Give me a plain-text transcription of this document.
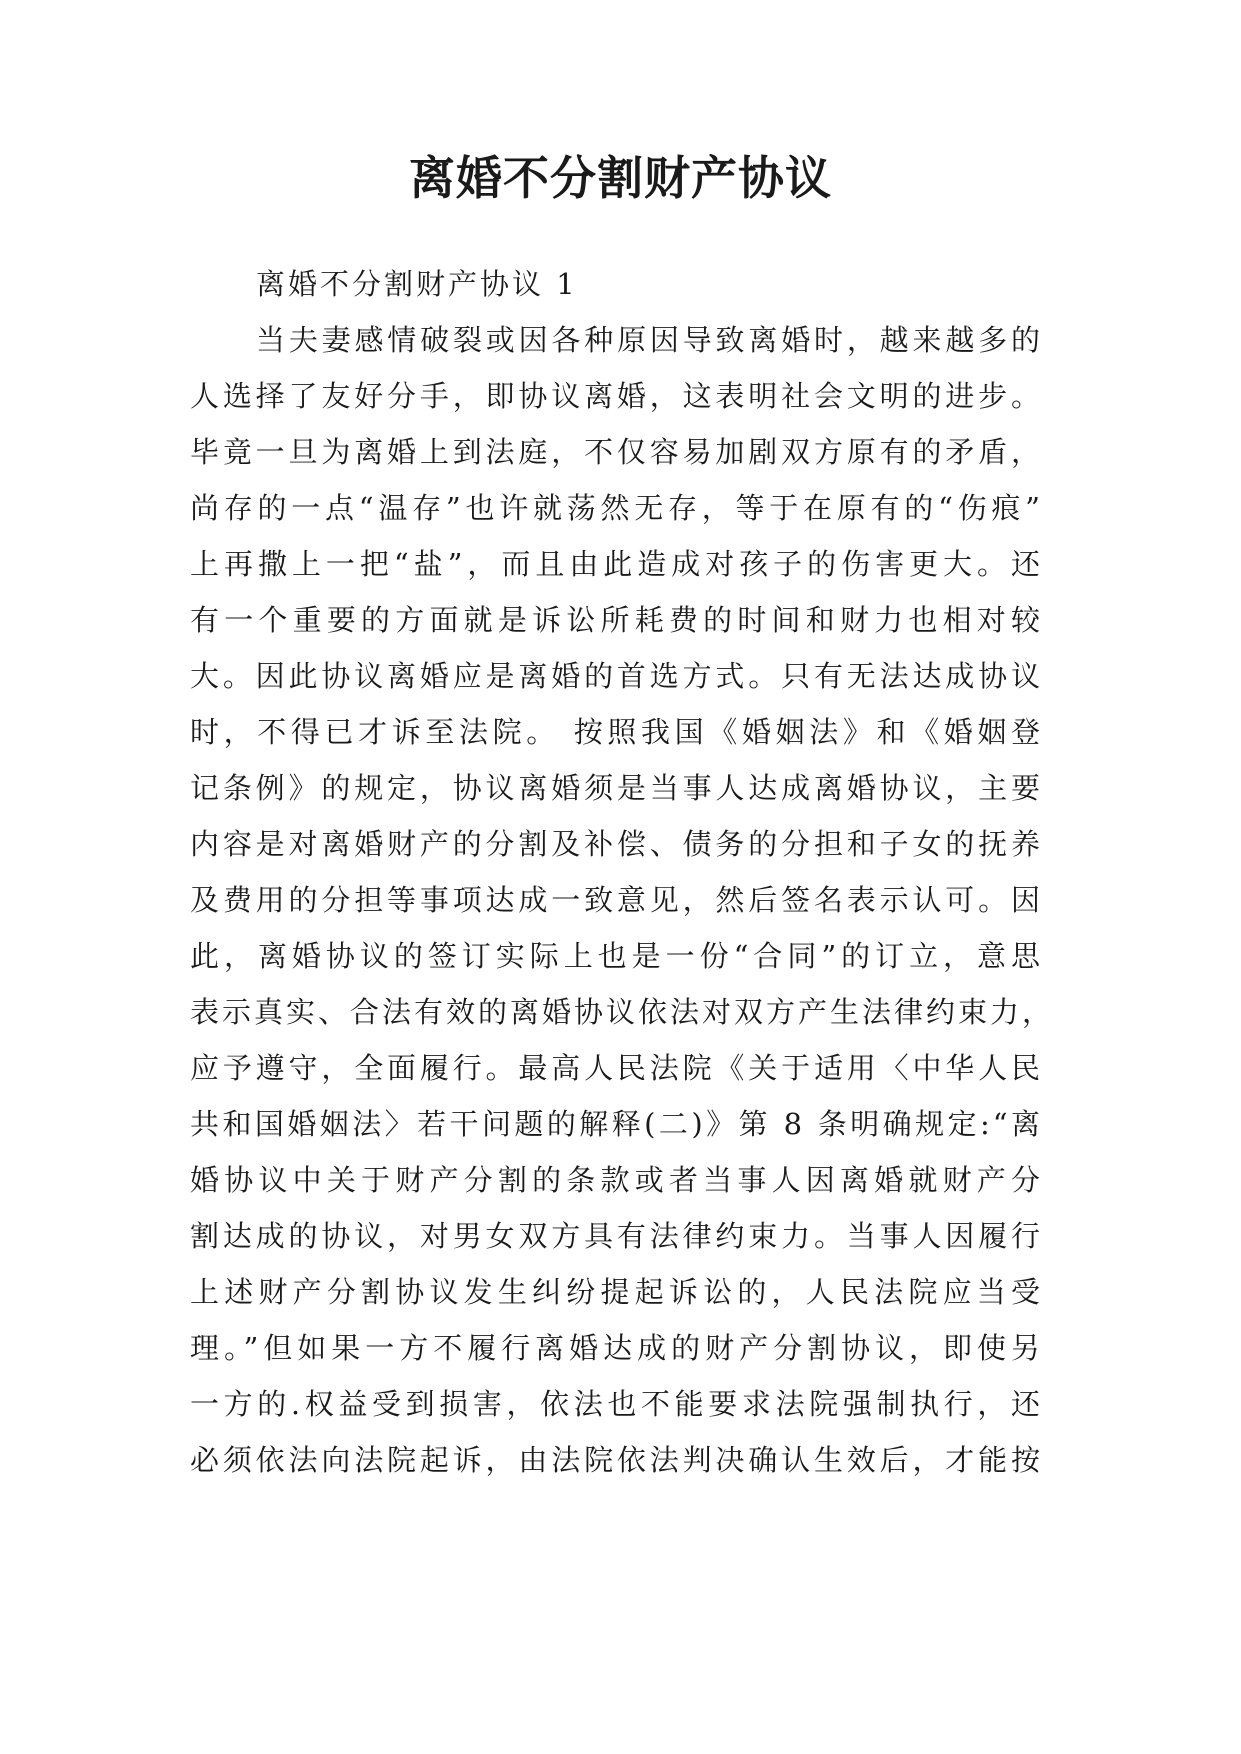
离婚不分割财产协议
离婚不分割财产协议 1
当夫妻感情破裂或因各种原因导致离婚时，越来越多的
人选择了友好分手，即协议离婚，这表明社会文明的进步。
毕竟一旦为离婚上到法庭，不仅容易加剧双方原有的矛盾，
尚存的一点“温存”也许就荡然无存，等于在原有的“伤痕”
上再撒上一把“盐”，而且由此造成对孩子的伤害更大。还
有一个重要的方面就是诉讼所耗费的时间和财力也相对较
大。因此协议离婚应是离婚的首选方式。只有无法达成协议
时，不得已才诉至法院。 按照我国《婚姻法》和《婚姻登
记条例》的规定，协议离婚须是当事人达成离婚协议，主要
内容是对离婚财产的分割及补偿、债务的分担和子女的抚养
及费用的分担等事项达成一致意见，然后签名表示认可。因
此，离婚协议的签订实际上也是一份“合同”的订立，意思
表示真实、合法有效的离婚协议依法对双方产生法律约束力，
应予遵守，全面履行。最高人民法院《关于适用〈中华人民
共和国婚姻法〉若干问题的解释(二)》第 8 条明确规定:“离
婚协议中关于财产分割的条款或者当事人因离婚就财产分
割达成的协议，对男女双方具有法律约束力。当事人因履行
上述财产分割协议发生纠纷提起诉讼的，人民法院应当受
理。”但如果一方不履行离婚达成的财产分割协议，即使另
一方的.权益受到损害，依法也不能要求法院强制执行，还
必须依法向法院起诉，由法院依法判决确认生效后，才能按
